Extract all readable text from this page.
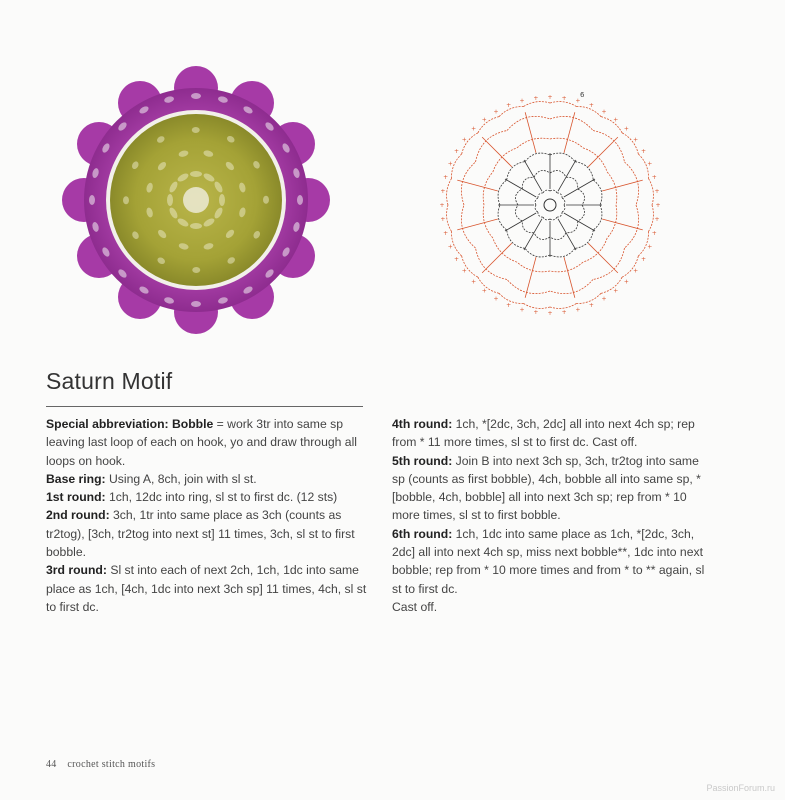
+
+
+
+
+
+
+
+
+
+
+
+
+
+
+
+
+
+
+
+
+
+
+
+
+
+
+
+
+
+
+
+
+
+
+ + + + +
+
+
+
+
+
+
+
+
+
6
Saturn Motif

Special abbreviation: Bobble = work 3tr into same sp leaving last loop of each on hook, yo and draw through all loops on hook.

Base ring: Using A, 8ch, join with sl st.

1st round: 1ch, 12dc into ring, sl st to first dc. (12 sts)

2nd round: 3ch, 1tr into same place as 3ch (counts as tr2tog), [3ch, tr2tog into next st] 11 times, 3ch, sl st to first bobble.

3rd round: Sl st into each of next 2ch, 1ch, 1dc into same place as 1ch, [4ch, 1dc into next 3ch sp] 11 times, 4ch, sl st to first dc.

4th round: 1ch, *[2dc, 3ch, 2dc] all into next 4ch sp; rep from * 11 more times, sl st to first dc. Cast off.

5th round: Join B into next 3ch sp, 3ch, tr2tog into same sp (counts as first bobble), 4ch, bobble all into same sp, *[bobble, 4ch, bobble] all into next 3ch sp; rep from * 10 more times, sl st to first bobble.

6th round: 1ch, 1dc into same place as 1ch, *[2dc, 3ch, 2dc] all into next 4ch sp, miss next bobble**, 1dc into next bobble; rep from * 10 more times and from * to ** again, sl st to first dc.

Cast off.

44 crochet stitch motifs
PassionForum.ru
